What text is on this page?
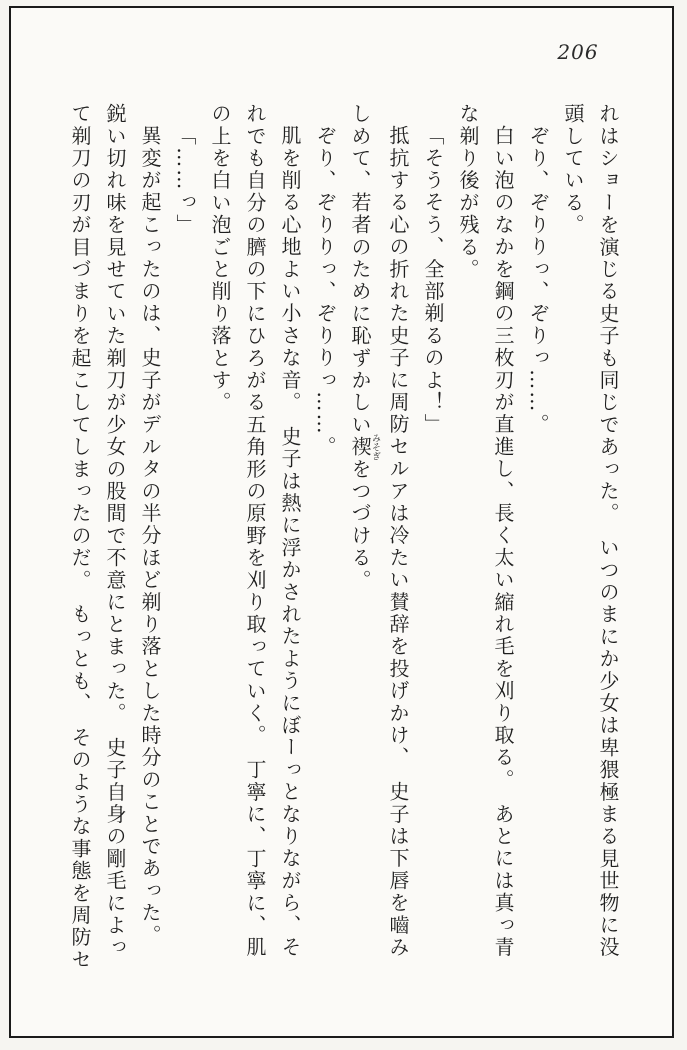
206

れはショーを演じる史子も同じであった。　いつのまにか少女は卑猥極まる見世物に没

頭している。

ぞり、ぞりりっ、ぞりっ……。

白い泡のなかを鋼の三枚刃が直進し、長く太い縮れ毛を刈り取る。　あとには真っ青

な剃り後が残る。

「そうそう、全部剃るのよ！」

抵抗する心の折れた史子に周防セルアは冷たい賛辞を投げかけ、　史子は下唇を嚙み

しめて、若者のために恥ずかしい禊みそぎをつづける。

ぞり、ぞりりっ、ぞりりっ……。

肌を削る心地よい小さな音。　史子は熱に浮かされたようにぼーっとなりながら、そ

れでも自分の臍の下にひろがる五角形の原野を刈り取っていく。　丁寧に、丁寧に、肌

の上を白い泡ごと削り落とす。

「……っ」

異変が起こったのは、史子がデルタの半分ほど剃り落とした時分のことであった。

鋭い切れ味を見せていた剃刀が少女の股間で不意にとまった。　史子自身の剛毛によっ

て剃刀の刃が目づまりを起こしてしまったのだ。　もっとも、　そのような事態を周防セ
